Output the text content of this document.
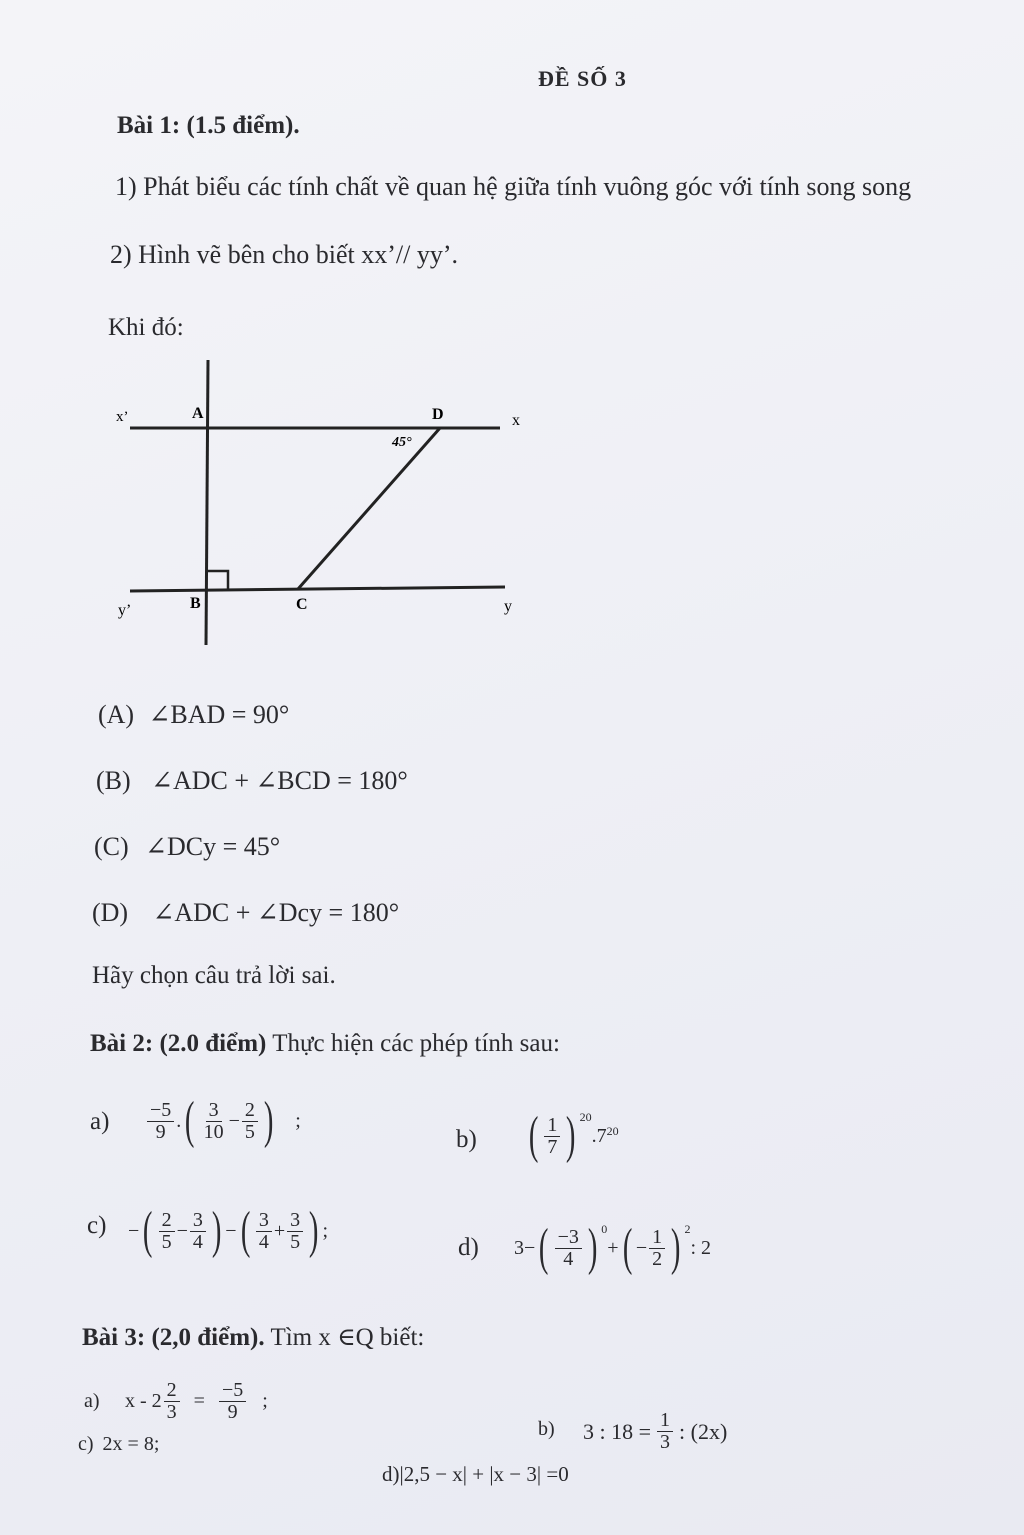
ĐỀ SỐ 3
Bài 1: (1.5 điểm).
1) Phát biểu các tính chất về quan hệ giữa tính vuông góc với tính song song
2) Hình vẽ bên cho biết xx’// yy’.
Khi đó:
x’	A	D	x
45°
y’	B	C	y
(A) ∠BAD = 90°
(B) ∠ADC + ∠BCD = 180°
(C) ∠DCy = 45°
(D) ∠ADC + ∠Dcy = 180°
Hãy chọn câu trả lời sai.
Bài 2: (2.0 điểm) Thực hiện các phép tính sau:
$a) \frac{-5}{9}$ . ( $\frac{3}{10} - \frac{2}{5}$ ) ;
b) ( $\frac{1}{7}$ ) $^{20}$
$.7^{20}$
c) − ( $\frac{2}{5} - \frac{3}{4}$ ) − ( $\frac{3}{4} + \frac{3}{5}$ ) ;
d) 3− ( $\frac{-3}{4}$ ) $^0$
+ ( − $\frac{1}{2}$ ) $^2$
: 2
Bài 3: (2,0 điểm). Tìm x ∈Q biết:
a) $x - 2 \frac{2}{3} = \frac{-5}{9}$ ;
b) 3 : $18 = \frac{1}{3}$ : (2x)
c) 2x = 8;
d)|2,5 − x| + |x − 3| =0
